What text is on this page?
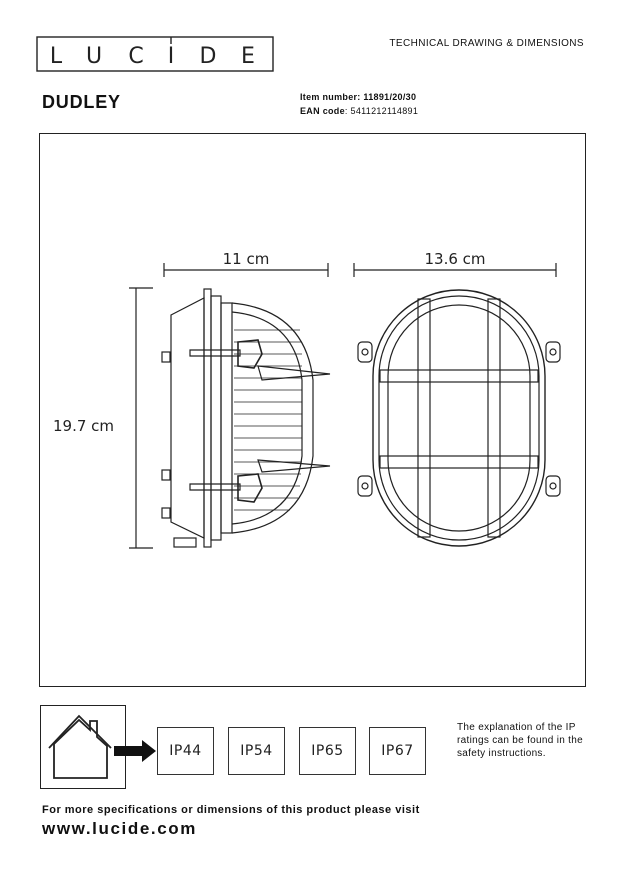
L U C I D E
TECHNICAL DRAWING & DIMENSIONS
DUDLEY	Item number: 11891/20/30
EAN code: 5411212114891
11 cm	13.6 cm
19.7 cm
IP44	IP54	IP65	IP67
The explanation of the IP ratings can be found in the safety instructions.
For more specifications or dimensions of this product please visit
www.lucide.com
